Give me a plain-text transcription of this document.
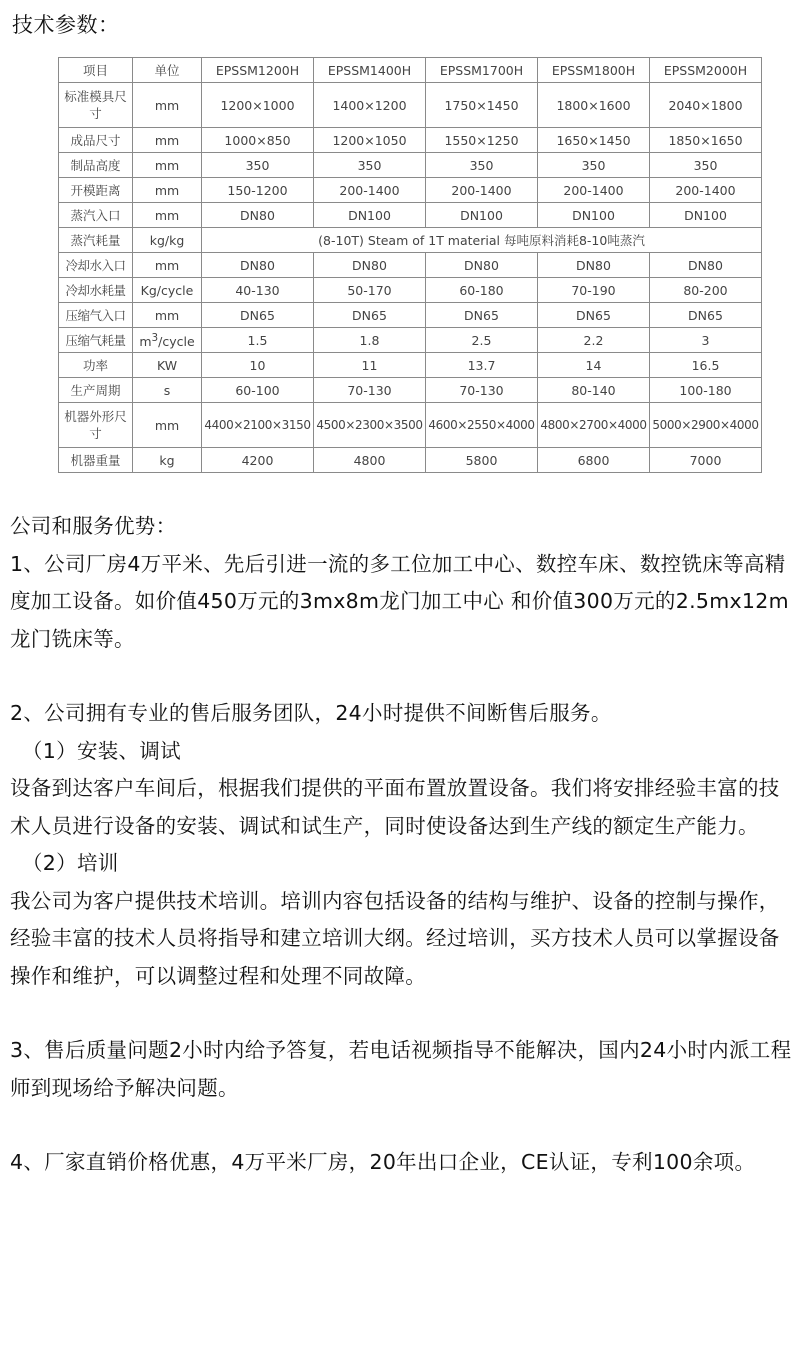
技术参数：
项目	单位	EPSSM1200H	EPSSM1400H	EPSSM1700H	EPSSM1800H	EPSSM2000H
标准模具尺寸	mm	1200×1000	1400×1200	1750×1450	1800×1600	2040×1800
成品尺寸	mm	1000×850	1200×1050	1550×1250	1650×1450	1850×1650
制品高度	mm	350	350	350	350	350
开模距离	mm	150-1200	200-1400	200-1400	200-1400	200-1400
蒸汽入口	mm	DN80	DN100	DN100	DN100	DN100
蒸汽耗量	kg/kg	(8-10T) Steam of 1T material 每吨原料消耗8-10吨蒸汽				
冷却水入口	mm	DN80	DN80	DN80	DN80	DN80
冷却水耗量	Kg/cycle	40-130	50-170	60-180	70-190	80-200
压缩气入口	mm	DN65	DN65	DN65	DN65	DN65
压缩气耗量	$m^3$/cycle	1.5	1.8	2.5	2.2	3
功率	KW	10	11	13.7	14	16.5
生产周期	s	60-100	70-130	70-130	80-140	100-180
机器外形尺寸	mm	4400×2100×3150	4500×2300×3500	4600×2550×4000	4800×2700×4000	5000×2900×4000
机器重量	kg	4200	4800	5800	6800	7000

公司和服务优势：

1、公司厂房4万平米、先后引进一流的多工位加工中心、数控车床、数控铣床等高精度加工设备。如价值450万元的3mx8m龙门加工中心 和价值300万元的2.5mx12m龙门铣床等。

2、公司拥有专业的售后服务团队，24小时提供不间断售后服务。

（1）安装、调试

设备到达客户车间后，根据我们提供的平面布置放置设备。我们将安排经验丰富的技术人员进行设备的安装、调试和试生产，同时使设备达到生产线的额定生产能力。

（2）培训

我公司为客户提供技术培训。培训内容包括设备的结构与维护、设备的控制与操作，经验丰富的技术人员将指导和建立培训大纲。经过培训，买方技术人员可以掌握设备操作和维护，可以调整过程和处理不同故障。

3、售后质量问题2小时内给予答复，若电话视频指导不能解决，国内24小时内派工程师到现场给予解决问题。

4、厂家直销价格优惠，4万平米厂房，20年出口企业，CE认证，专利100余项。
